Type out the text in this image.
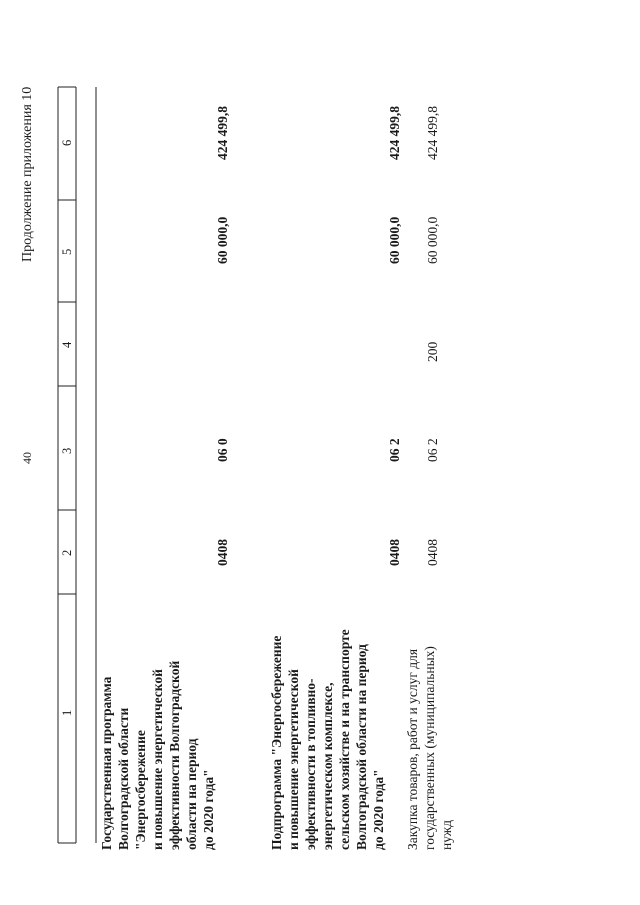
40
Продолжение приложения 10
1
2
3
4
5
6
Государственная программа Волгоградской области "Энергосбережение и повышение энергетической эффективности Волгоградской области на период до 2020 года"
0408
06 0
60 000,0
424 499,8
Подпрограмма "Энергосбережение и повышение энергетической эффективности в топливно- энергетическом комплексе, сельском хозяйстве и на транспорте Волгоградской области на период до 2020 года"
0408
06 2
60 000,0
424 499,8
Закупка товаров, работ и услуг для государственных (муниципальных) нужд
0408
06 2
200
60 000,0
424 499,8
